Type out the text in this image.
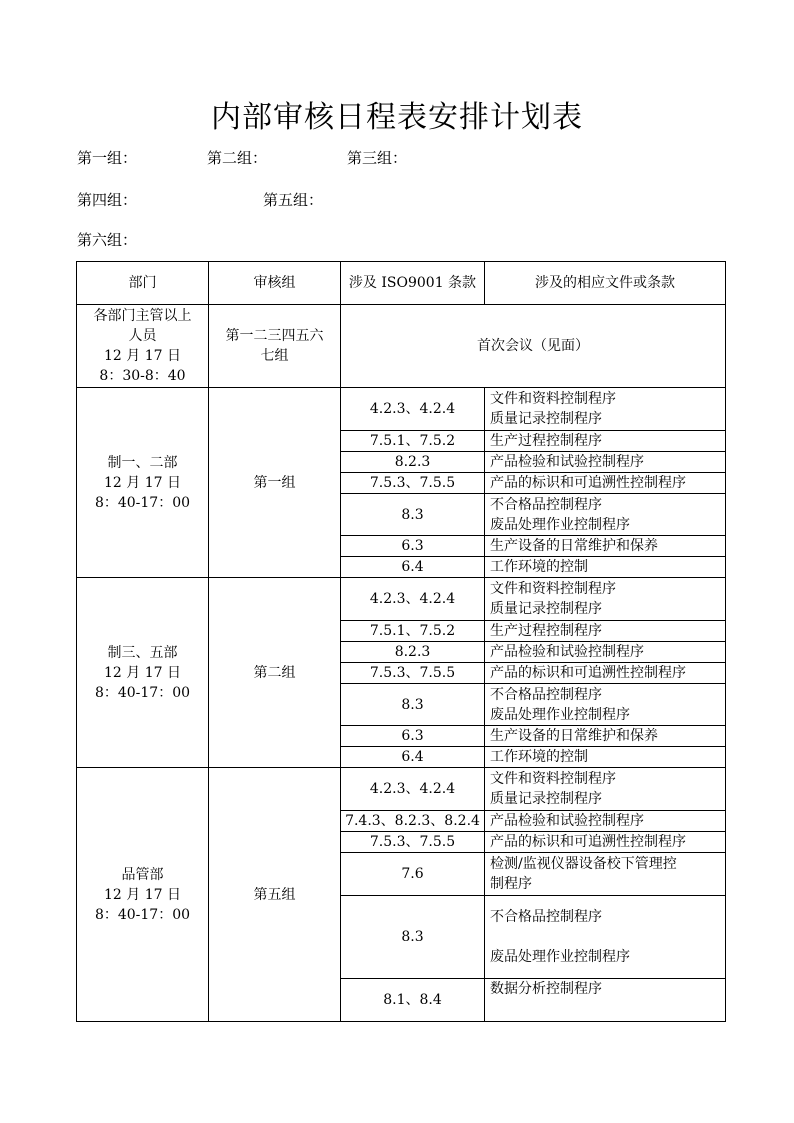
内部审核日程表安排计划表
第一组：	第二组：	第三组：
第四组：	第五组：
第六组：
部门	审核组	涉及 ISO9001 条款	涉及的相应文件或条款

各部门主管以上
人员
12 月 17 日
8：30-8：40	第一二三四五六七组	首次会议（见面）	

制一、二部
12 月 17 日
8：40-17：00	第一组	4.2.3、4.2.4	文件和资料控制程序
质量记录控制程序

		7.5.1、7.5.2	生产过程控制程序
		8.2.3	产品检验和试验控制程序
		7.5.3、7.5.5	产品的标识和可追溯性控制程序
		8.3	不合格品控制程序
废品处理作业控制程序

		6.3	生产设备的日常维护和保养
		6.4	工作环境的控制

制三、五部
12 月 17 日
8：40-17：00	第二组	4.2.3、4.2.4	文件和资料控制程序
质量记录控制程序

		7.5.1、7.5.2	生产过程控制程序
		8.2.3	产品检验和试验控制程序
		7.5.3、7.5.5	产品的标识和可追溯性控制程序
		8.3	不合格品控制程序
废品处理作业控制程序

		6.3	生产设备的日常维护和保养
		6.4	工作环境的控制

品管部
12 月 17 日
8：40-17：00	第五组	4.2.3、4.2.4	文件和资料控制程序
质量记录控制程序

		7.4.3、8.2.3、8.2.4	产品检验和试验控制程序
		7.5.3、7.5.5	产品的标识和可追溯性控制程序
		7.6	检测/监视仪器设备校下管理控
制程序

		8.3	不合格品控制程序
废品处理作业控制程序

		8.1、8.4	数据分析控制程序
